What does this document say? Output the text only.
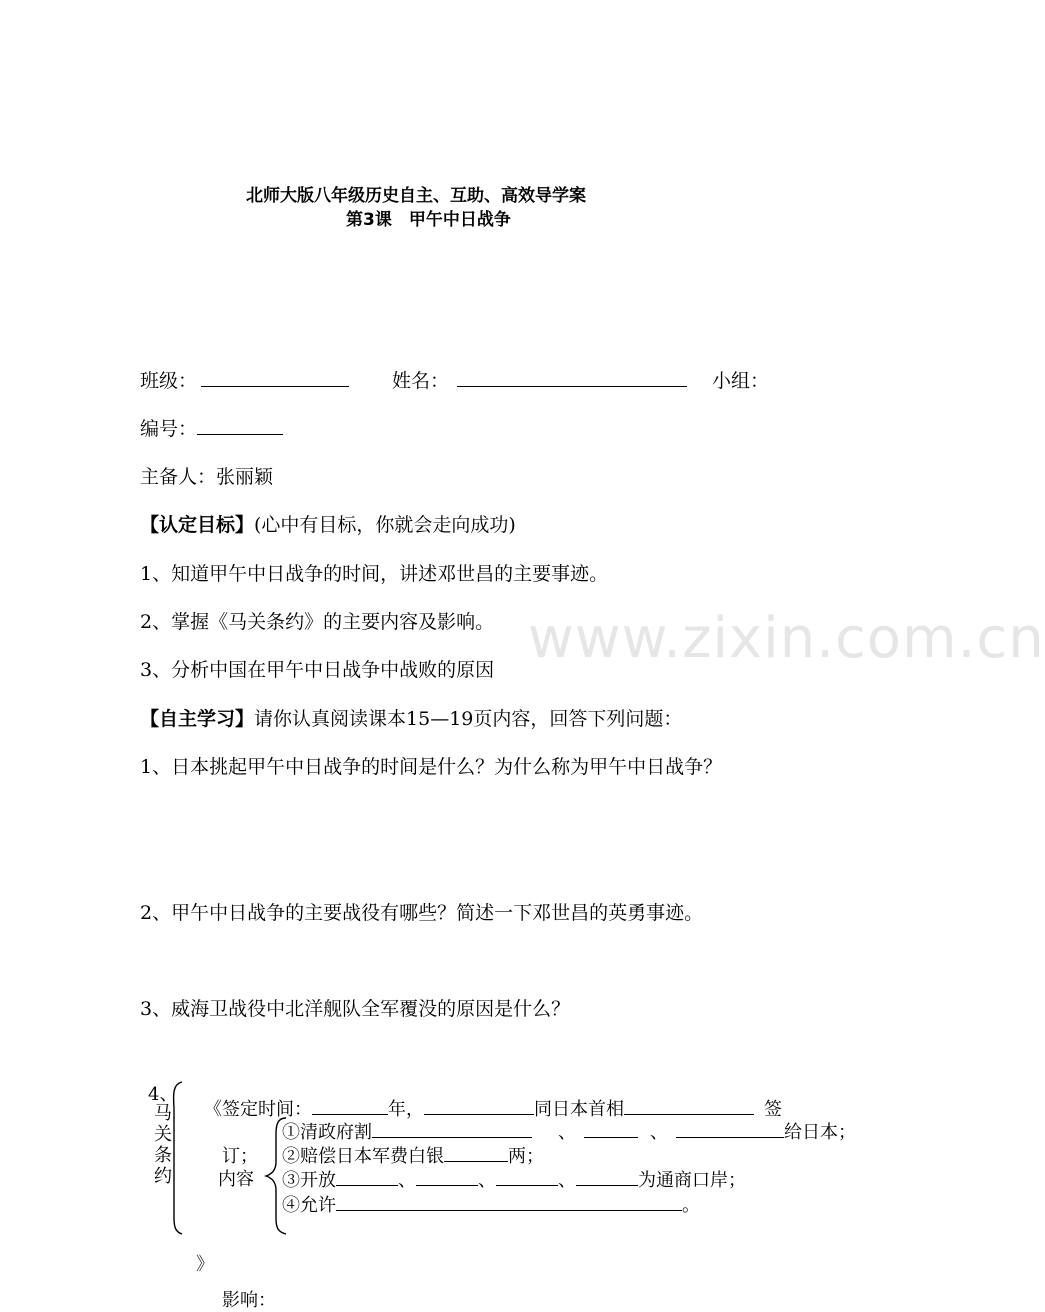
www.zixin.com.cn
北师大版八年级历史自主、互助、高效导学案
第3课　甲午中日战争
班级：	姓名：	小组：
编号：
主备人：张丽颖
【认定目标】(心中有目标，你就会走向成功)
1、知道甲午中日战争的时间，讲述邓世昌的主要事迹。
2、掌握《马关条约》的主要内容及影响。
3、分析中国在甲午中日战争中战败的原因
【自主学习】请你认真阅读课本15—19页内容，回答下列问题：
1、日本挑起甲午中日战争的时间是什么？为什么称为甲午中日战争？
2、甲午中日战争的主要战役有哪些？简述一下邓世昌的英勇事迹。
3、威海卫战役中北洋舰队全军覆没的原因是什么？
4、
马
关
条
约
《签定时间：	年，	同日本首相	签
①清政府割	、	、	给日本；
订； ②赔偿日本军费白银	两；
内容 ③开放	、	、	、	为通商口岸；
④允许	。
》
影响：
